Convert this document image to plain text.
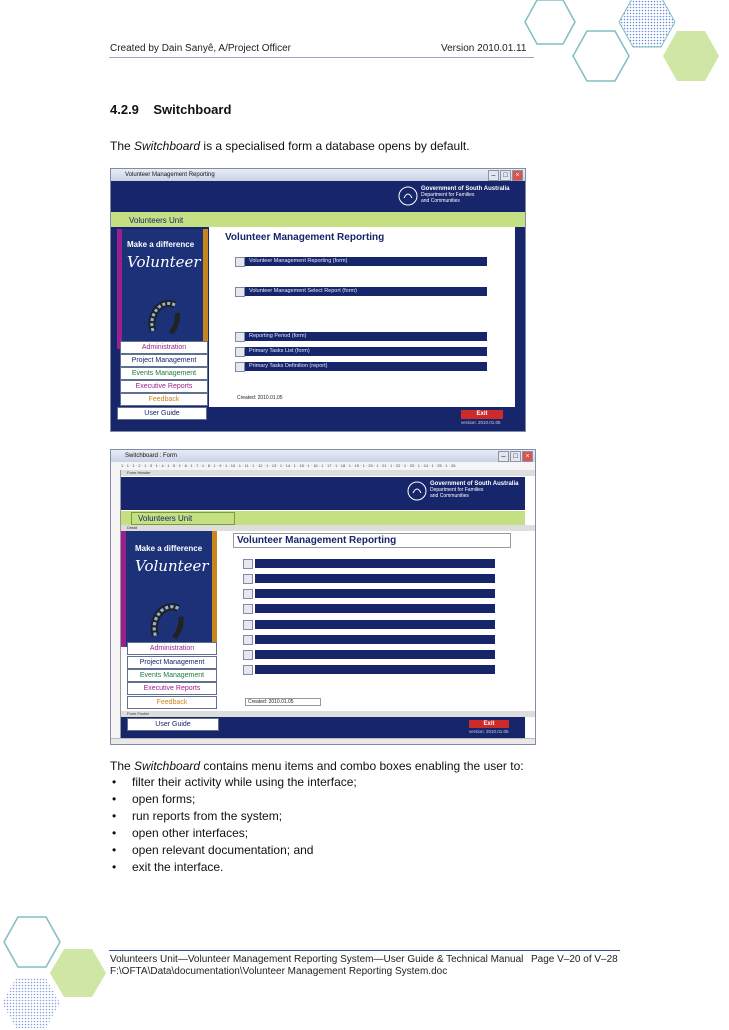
Created by Dain Sanyê, A/Project Officer	Version 2010.01.11
4.2.9 Switchboard
The Switchboard is a specialised form a database opens by default.
Volunteer Management Reporting	–	□	×
Government of South Australia
Department for Families
and Communities
Volunteers Unit
Make a difference
Volunteer
Administration
Project Management
Events Management
Executive Reports
Feedback
User Guide
Volunteer Management Reporting
Volunteer Management Reporting (form)
Volunteer Management Select Report (form)
Reporting Period (form)
Primary Tasks List (form)
Primary Tasks Definition (report)
Created: 2010.01.05
Exit
version: 2010.01.05
Switchboard : Form	–	□	×
1 · 1 · 1 · 2 · 1 · 3 · 1 · 4 · 1 · 5 · 1 · 6 · 1 · 7 · 1 · 8 · 1 · 9 · 1 · 10 · 1 · 11 · 1 · 12 · 1 · 13 · 1 · 14 · 1 · 15 · 1 · 16 · 1 · 17 · 1 · 18 · 1 · 19 · 1 · 20 · 1 · 21 · 1 · 22 · 1 · 23 · 1 · 24 · 1 · 25 · 1 · 26
Form Header
Government of South Australia
Department for Families
and Communities
Volunteers Unit
Detail
Make a difference
Volunteer
Administration
Project Management
Events Management
Executive Reports
Feedback
Volunteer Management Reporting
Created: 2010.01.05
Form Footer
User Guide	Exit
version: 2010.01.05
The Switchboard contains menu items and combo boxes enabling the user to:
• filter their activity while using the interface;
• open forms;
• run reports from the system;
• open other interfaces;
• open relevant documentation; and
• exit the interface.
Volunteers Unit—Volunteer Management Reporting System—User Guide & Technical Manual Page V–20 of V–28
F:\OFTA\Data\documentation\Volunteer Management Reporting System.doc
